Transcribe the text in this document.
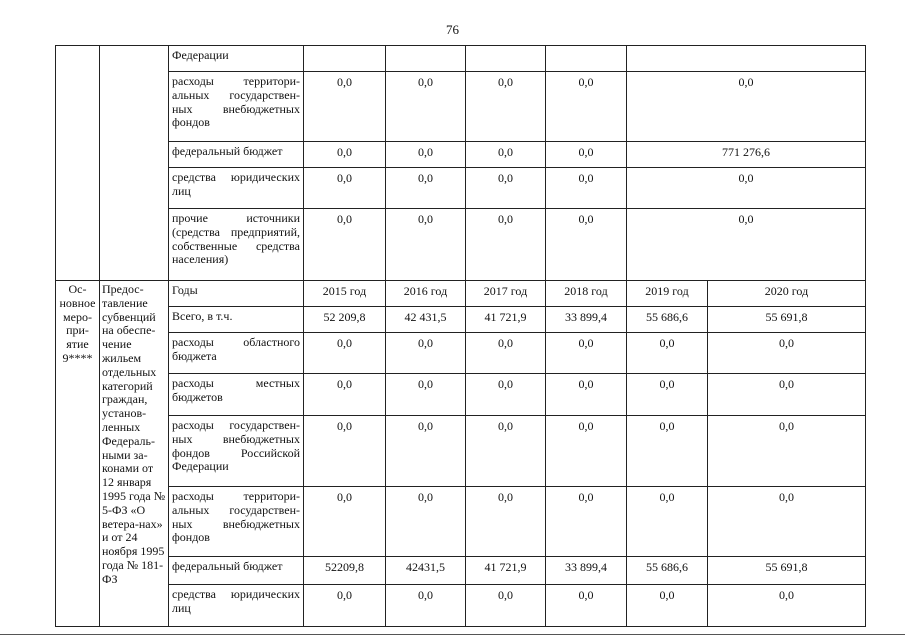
76
		Федерации						
		расходы территори-альных государствен-ных внебюджетных фондов	0,0	0,0	0,0	0,0	0,0	
		федеральный бюджет	0,0	0,0	0,0	0,0	771 276,6	
		средства юридических лиц	0,0	0,0	0,0	0,0	0,0	
		прочие источники (средства предприятий, собственные средства населения)	0,0	0,0	0,0	0,0	0,0	
Ос-новное меро-при-ятие 9****	Предос-тавление субвенций на обеспе-чение жильем отдельных категорий граждан, установ-ленных Федераль-ными за-конами от 12 января 1995 года № 5-ФЗ «О ветера-нах» и от 24 ноября 1995 года № 181-ФЗ	Годы	2015 год	2016 год	2017 год	2018 год	2019 год	2020 год
		Всего, в т.ч.	52 209,8	42 431,5	41 721,9	33 899,4	55 686,6	55 691,8
		расходы областного бюджета	0,0	0,0	0,0	0,0	0,0	0,0
		расходы местных бюджетов	0,0	0,0	0,0	0,0	0,0	0,0
		расходы государствен-ных внебюджетных фондов Российской Федерации	0,0	0,0	0,0	0,0	0,0	0,0
		расходы территори-альных государствен-ных внебюджетных фондов	0,0	0,0	0,0	0,0	0,0	0,0
		федеральный бюджет	52209,8	42431,5	41 721,9	33 899,4	55 686,6	55 691,8
		средства юридических лиц	0,0	0,0	0,0	0,0	0,0	0,0
